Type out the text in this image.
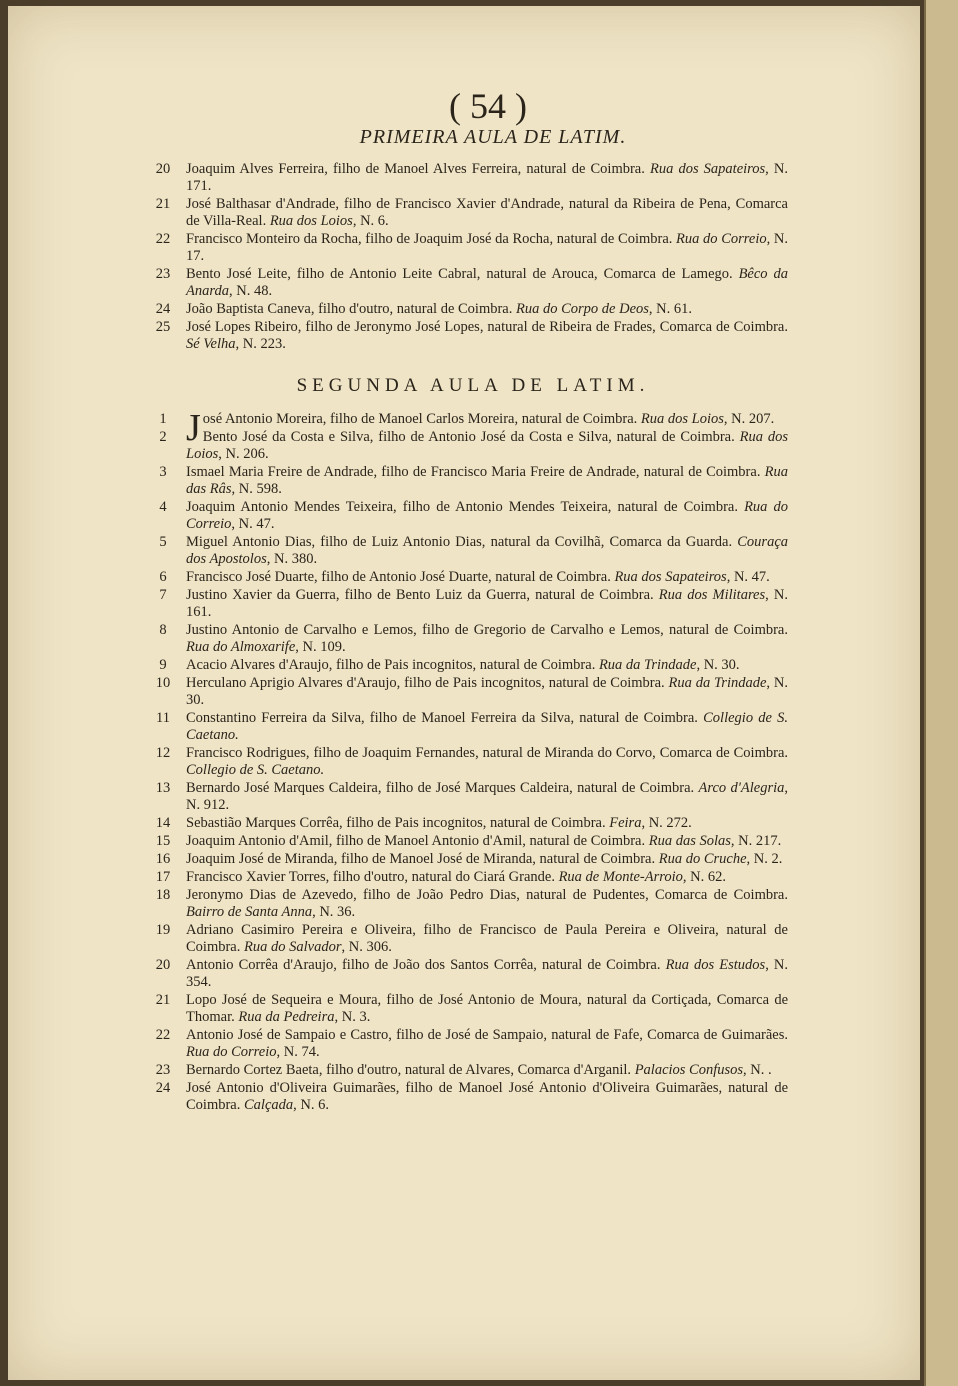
( 54 )
PRIMEIRA AULA DE LATIM.
20	Joaquim Alves Ferreira, filho de Manoel Alves Ferreira, natural de Coimbra. Rua dos Sapateiros, N. 171.
21	José Balthasar d'Andrade, filho de Francisco Xavier d'Andrade, natural da Ribeira de Pena, Comarca de Villa-Real. Rua dos Loios, N. 6.
22	Francisco Monteiro da Rocha, filho de Joaquim José da Rocha, natural de Coimbra. Rua do Correio, N. 17.
23	Bento José Leite, filho de Antonio Leite Cabral, natural de Arouca, Comarca de Lamego. Bêco da Anarda, N. 48.
24	João Baptista Caneva, filho d'outro, natural de Coimbra. Rua do Corpo de Deos, N. 61.
25	José Lopes Ribeiro, filho de Jeronymo José Lopes, natural de Ribeira de Frades, Comarca de Coimbra. Sé Velha, N. 223.
SEGUNDA AULA DE LATIM.
1 José Antonio Moreira, filho de Manoel Carlos Moreira, natural de Coimbra. Rua dos Loios, N. 207.
2	Bento José da Costa e Silva, filho de Antonio José da Costa e Silva, natural de Coimbra. Rua dos Loios, N. 206.
3	Ismael Maria Freire de Andrade, filho de Francisco Maria Freire de Andrade, natural de Coimbra. Rua das Râs, N. 598.
4	Joaquim Antonio Mendes Teixeira, filho de Antonio Mendes Teixeira, natural de Coimbra. Rua do Correio, N. 47.
5	Miguel Antonio Dias, filho de Luiz Antonio Dias, natural da Covilhã, Comarca da Guarda. Couraça dos Apostolos, N. 380.
6	Francisco José Duarte, filho de Antonio José Duarte, natural de Coimbra. Rua dos Sapateiros, N. 47.
7	Justino Xavier da Guerra, filho de Bento Luiz da Guerra, natural de Coimbra. Rua dos Militares, N. 161.
8	Justino Antonio de Carvalho e Lemos, filho de Gregorio de Carvalho e Lemos, natural de Coimbra. Rua do Almoxarife, N. 109.
9	Acacio Alvares d'Araujo, filho de Pais incognitos, natural de Coimbra. Rua da Trindade, N. 30.
10	Herculano Aprigio Alvares d'Araujo, filho de Pais incognitos, natural de Coimbra. Rua da Trindade, N. 30.
11	Constantino Ferreira da Silva, filho de Manoel Ferreira da Silva, natural de Coimbra. Collegio de S. Caetano.
12	Francisco Rodrigues, filho de Joaquim Fernandes, natural de Miranda do Corvo, Comarca de Coimbra. Collegio de S. Caetano.
13	Bernardo José Marques Caldeira, filho de José Marques Caldeira, natural de Coimbra. Arco d'Alegria, N. 912.
14	Sebastião Marques Corrêa, filho de Pais incognitos, natural de Coimbra. Feira, N. 272.
15	Joaquim Antonio d'Amil, filho de Manoel Antonio d'Amil, natural de Coimbra. Rua das Solas, N. 217.
16	Joaquim José de Miranda, filho de Manoel José de Miranda, natural de Coimbra. Rua do Cruche, N. 2.
17	Francisco Xavier Torres, filho d'outro, natural do Ciará Grande. Rua de Monte-Arroio, N. 62.
18	Jeronymo Dias de Azevedo, filho de João Pedro Dias, natural de Pudentes, Comarca de Coimbra. Bairro de Santa Anna, N. 36.
19	Adriano Casimiro Pereira e Oliveira, filho de Francisco de Paula Pereira e Oliveira, natural de Coimbra. Rua do Salvador, N. 306.
20	Antonio Corrêa d'Araujo, filho de João dos Santos Corrêa, natural de Coimbra. Rua dos Estudos, N. 354.
21	Lopo José de Sequeira e Moura, filho de José Antonio de Moura, natural da Cortiçada, Comarca de Thomar. Rua da Pedreira, N. 3.
22	Antonio José de Sampaio e Castro, filho de José de Sampaio, natural de Fafe, Comarca de Guimarães. Rua do Correio, N. 74.
23	Bernardo Cortez Baeta, filho d'outro, natural de Alvares, Comarca d'Arganil. Palacios Confusos, N. .
24	José Antonio d'Oliveira Guimarães, filho de Manoel José Antonio d'Oliveira Guimarães, natural de Coimbra. Calçada, N. 6.
